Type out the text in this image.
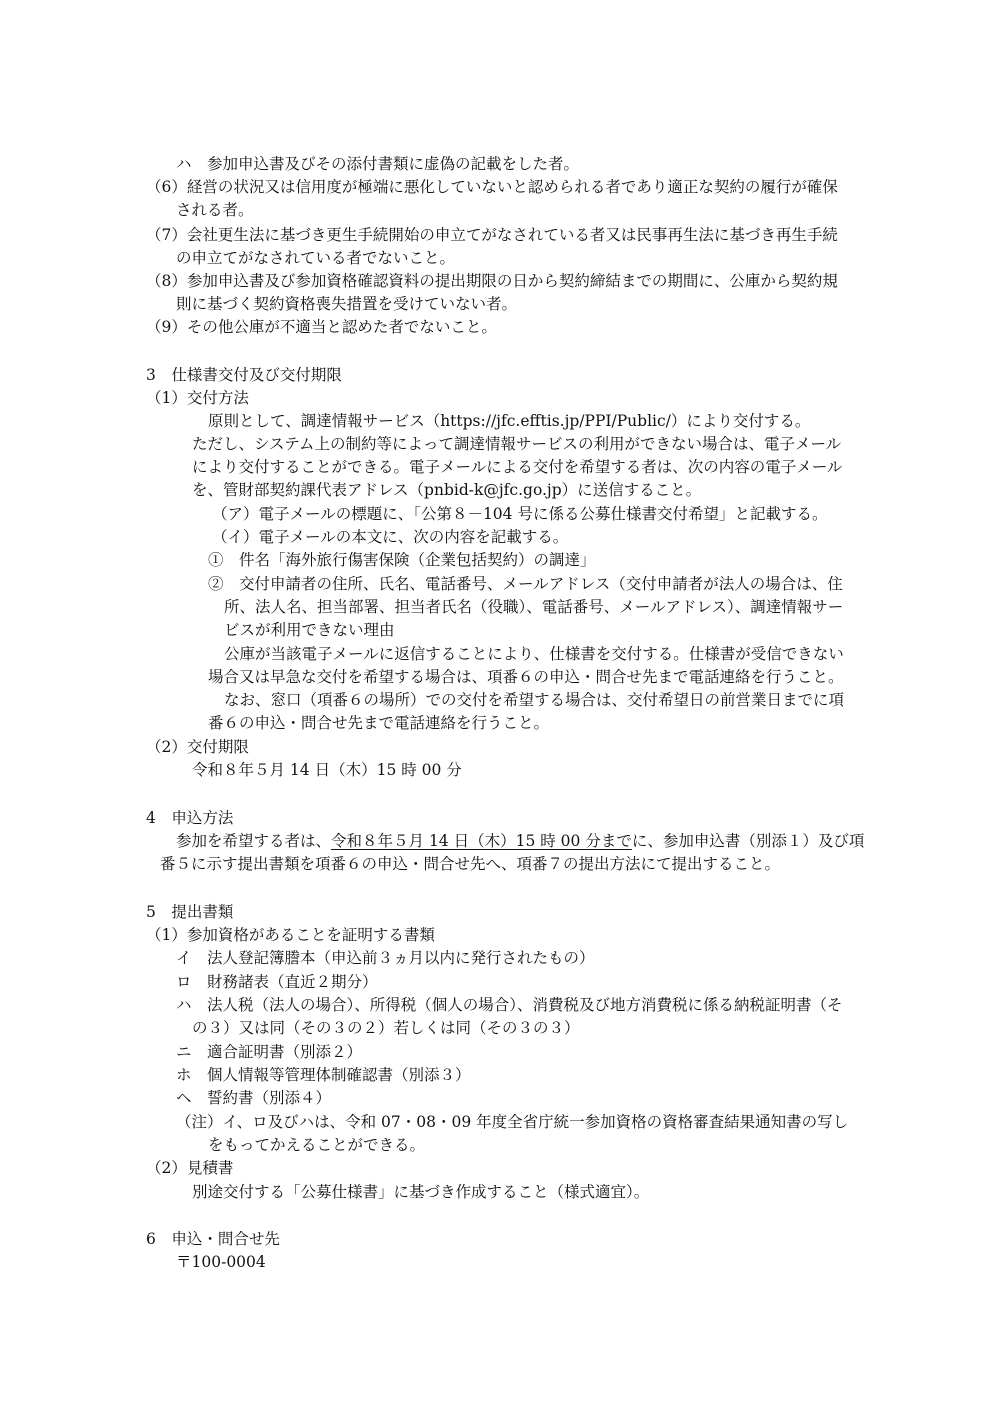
ハ　参加申込書及びその添付書類に虚偽の記載をした者。
（6）経営の状況又は信用度が極端に悪化していないと認められる者であり適正な契約の履行が確保
される者。
（7）会社更生法に基づき更生手続開始の申立てがなされている者又は民事再生法に基づき再生手続
の申立てがなされている者でないこと。
（8）参加申込書及び参加資格確認資料の提出期限の日から契約締結までの期間に、公庫から契約規
則に基づく契約資格喪失措置を受けていない者。
（9）その他公庫が不適当と認めた者でないこと。
3　仕様書交付及び交付期限
（1）交付方法
原則として、調達情報サービス（https://jfc.efftis.jp/PPI/Public/）により交付する。
ただし、システム上の制約等によって調達情報サービスの利用ができない場合は、電子メール
により交付することができる。電子メールによる交付を希望する者は、次の内容の電子メール
を、管財部契約課代表アドレス（pnbid-k@jfc.go.jp）に送信すること。
（ア）電子メールの標題に、「公第８－104 号に係る公募仕様書交付希望」と記載する。
（イ）電子メールの本文に、次の内容を記載する。
①　件名「海外旅行傷害保険（企業包括契約）の調達」
②　交付申請者の住所、氏名、電話番号、メールアドレス（交付申請者が法人の場合は、住
所、法人名、担当部署、担当者氏名（役職）、電話番号、メールアドレス）、調達情報サー
ビスが利用できない理由
公庫が当該電子メールに返信することにより、仕様書を交付する。仕様書が受信できない
場合又は早急な交付を希望する場合は、項番６の申込・問合せ先まで電話連絡を行うこと。
なお、窓口（項番６の場所）での交付を希望する場合は、交付希望日の前営業日までに項
番６の申込・問合せ先まで電話連絡を行うこと。
（2）交付期限
令和８年５月 14 日（木）15 時 00 分
4　申込方法
参加を希望する者は、令和８年５月 14 日（木）15 時 00 分までに、参加申込書（別添１）及び項
番５に示す提出書類を項番６の申込・問合せ先へ、項番７の提出方法にて提出すること。
5　提出書類
（1）参加資格があることを証明する書類
イ　法人登記簿謄本（申込前３ヵ月以内に発行されたもの）
ロ　財務諸表（直近２期分）
ハ　法人税（法人の場合）、所得税（個人の場合）、消費税及び地方消費税に係る納税証明書（そ
の３）又は同（その３の２）若しくは同（その３の３）
ニ　適合証明書（別添２）
ホ　個人情報等管理体制確認書（別添３）
ヘ　誓約書（別添４）
（注）イ、ロ及びハは、令和 07・08・09 年度全省庁統一参加資格の資格審査結果通知書の写し
をもってかえることができる。
（2）見積書
別途交付する「公募仕様書」に基づき作成すること（様式適宜）。
6　申込・問合せ先
〒100-0004
